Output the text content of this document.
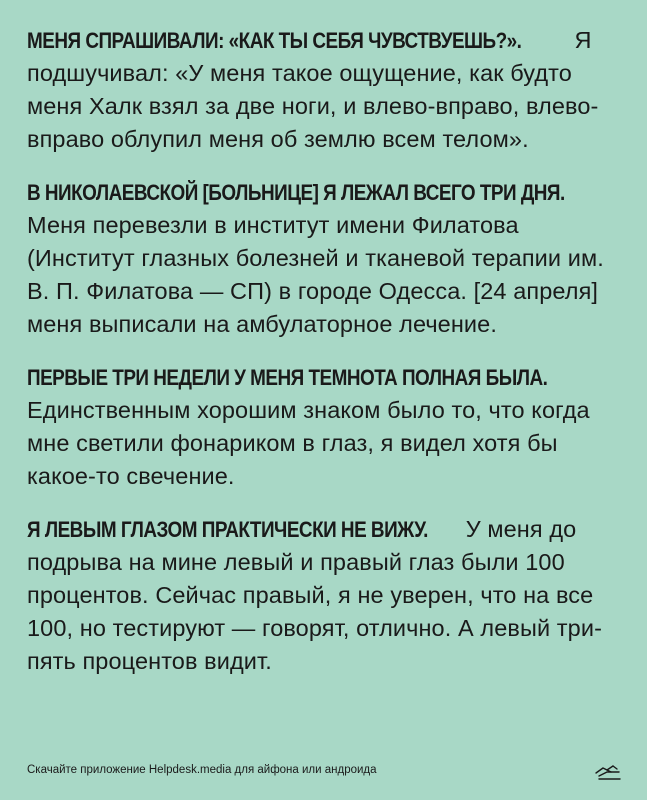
МЕНЯ СПРАШИВАЛИ: «КАК ТЫ СЕБЯ ЧУВСТВУЕШЬ?». Я подшучивал: «У меня такое ощущение, как будто меня Халк взял за две ноги, и влево-вправо, влево-вправо облупил меня об землю всем телом».

В НИКОЛАЕВСКОЙ [БОЛЬНИЦЕ] Я ЛЕЖАЛ ВСЕГО ТРИ ДНЯ. Меня перевезли в институт имени Филатова (Институт глазных болезней и тканевой терапии им. В. П. Филатова — СП) в городе Одесса. [24 апреля] меня выписали на амбулаторное лечение.

ПЕРВЫЕ ТРИ НЕДЕЛИ У МЕНЯ ТЕМНОТА ПОЛНАЯ БЫЛА. Единственным хорошим знаком было то, что когда мне светили фонариком в глаз, я видел хотя бы какое-то свечение.

Я ЛЕВЫМ ГЛАЗОМ ПРАКТИЧЕСКИ НЕ ВИЖУ. У меня до подрыва на мине левый и правый глаз были 100 процентов. Сейчас правый, я не уверен, что на все 100, но тестируют — говорят, отлично. А левый три-пять процентов видит.

Скачайте приложение Helpdesk.media для айфона или андроида
